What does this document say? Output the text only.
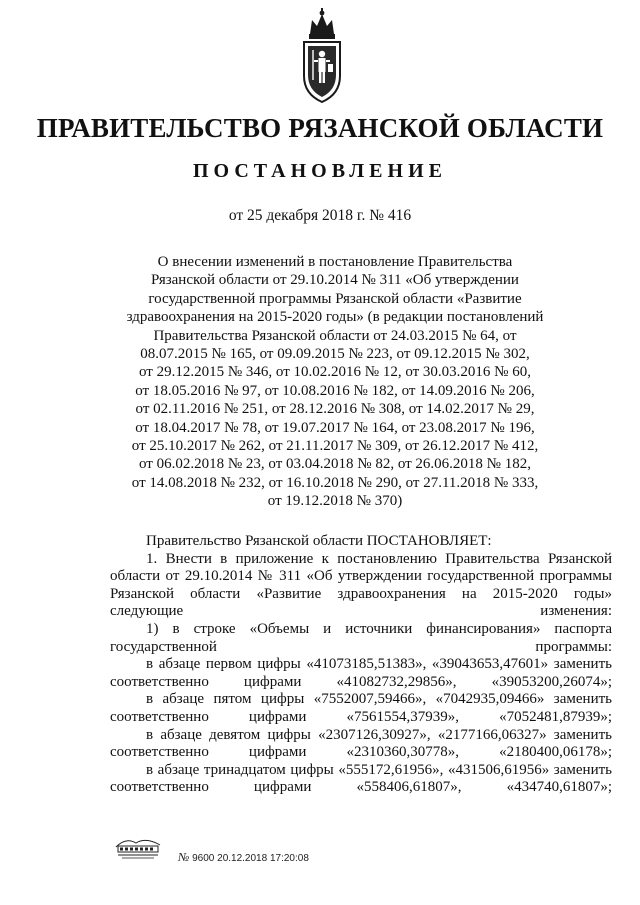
ПРАВИТЕЛЬСТВО РЯЗАНСКОЙ ОБЛАСТИ
ПОСТАНОВЛЕНИЕ
от 25 декабря 2018 г. № 416
О внесении изменений в постановление Правительства
Рязанской области от 29.10.2014 № 311 «Об утверждении
государственной программы Рязанской области «Развитие
здравоохранения на 2015-2020 годы» (в редакции постановлений
Правительства Рязанской области от 24.03.2015 № 64, от
08.07.2015 № 165, от 09.09.2015 № 223, от 09.12.2015 № 302,
от 29.12.2015 № 346, от 10.02.2016 № 12, от 30.03.2016 № 60,
от 18.05.2016 № 97, от 10.08.2016 № 182, от 14.09.2016 № 206,
от 02.11.2016 № 251, от 28.12.2016 № 308, от 14.02.2017 № 29,
от 18.04.2017 № 78, от 19.07.2017 № 164, от 23.08.2017 № 196,
от 25.10.2017 № 262, от 21.11.2017 № 309, от 26.12.2017 № 412,
от 06.02.2018 № 23, от 03.04.2018 № 82, от 26.06.2018 № 182,
от 14.08.2018 № 232, от 16.10.2018 № 290, от 27.11.2018 № 333,
от 19.12.2018 № 370)
Правительство Рязанской области ПОСТАНОВЛЯЕТ:
1. Внести в приложение к постановлению Правительства Рязанской области от 29.10.2014 № 311 «Об утверждении государственной программы Рязанской области «Развитие здравоохранения на 2015-2020 годы» следующие изменения:
1) в строке «Объемы и источники финансирования» паспорта государственной программы:
в абзаце первом цифры «41073185,51383», «39043653,47601» заменить соответственно цифрами «41082732,29856», «39053200,26074»;
в абзаце пятом цифры «7552007,59466», «7042935,09466» заменить соответственно цифрами «7561554,37939», «7052481,87939»;
в абзаце девятом цифры «2307126,30927», «2177166,06327» заменить соответственно цифрами «2310360,30778», «2180400,06178»;
в абзаце тринадцатом цифры «555172,61956», «431506,61956» заменить соответственно цифрами «558406,61807», «434740,61807»;
№ 9600 20.12.2018 17:20:08
